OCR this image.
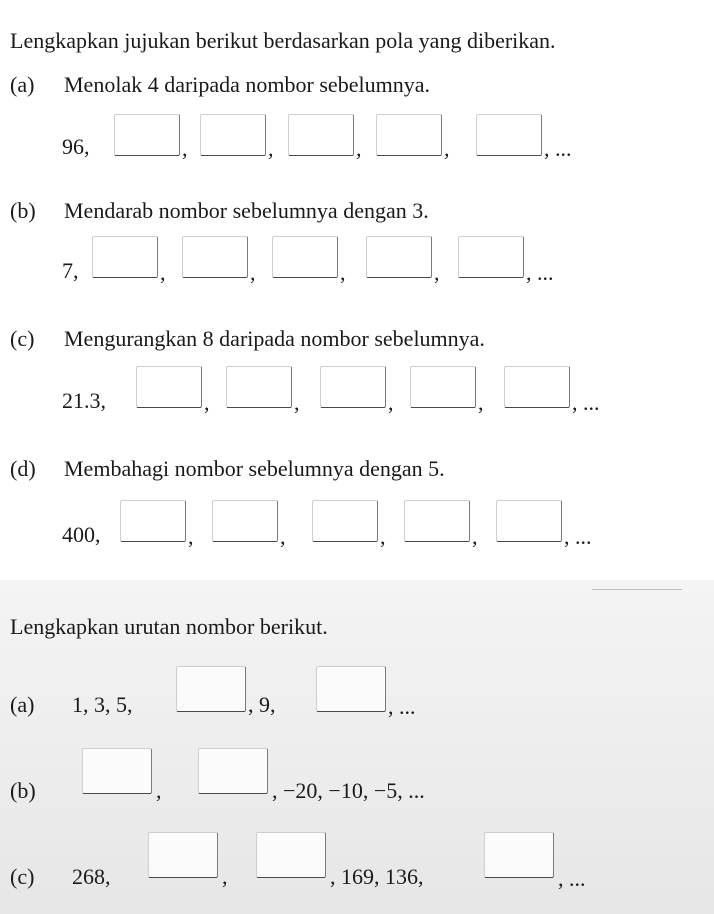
Lengkapkan jujukan berikut berdasarkan pola yang diberikan.
(a) Menolak 4 daripada nombor sebelumnya.
96,	,	,	,	,	, ...
(b) Mendarab nombor sebelumnya dengan 3.
7,	,	,	,	,	, ...
(c) Mengurangkan 8 daripada nombor sebelumnya.
21.3,	,	,	,	,	, ...
(d) Membahagi nombor sebelumnya dengan 5.
400,	,	,	,	,	, ...
Lengkapkan urutan nombor berikut.
(a) 1, 3, 5,	, 9,	, ...
(b)	,	, −20, −10, −5, ...
(c) 268,	,	, 169, 136,	, ...
